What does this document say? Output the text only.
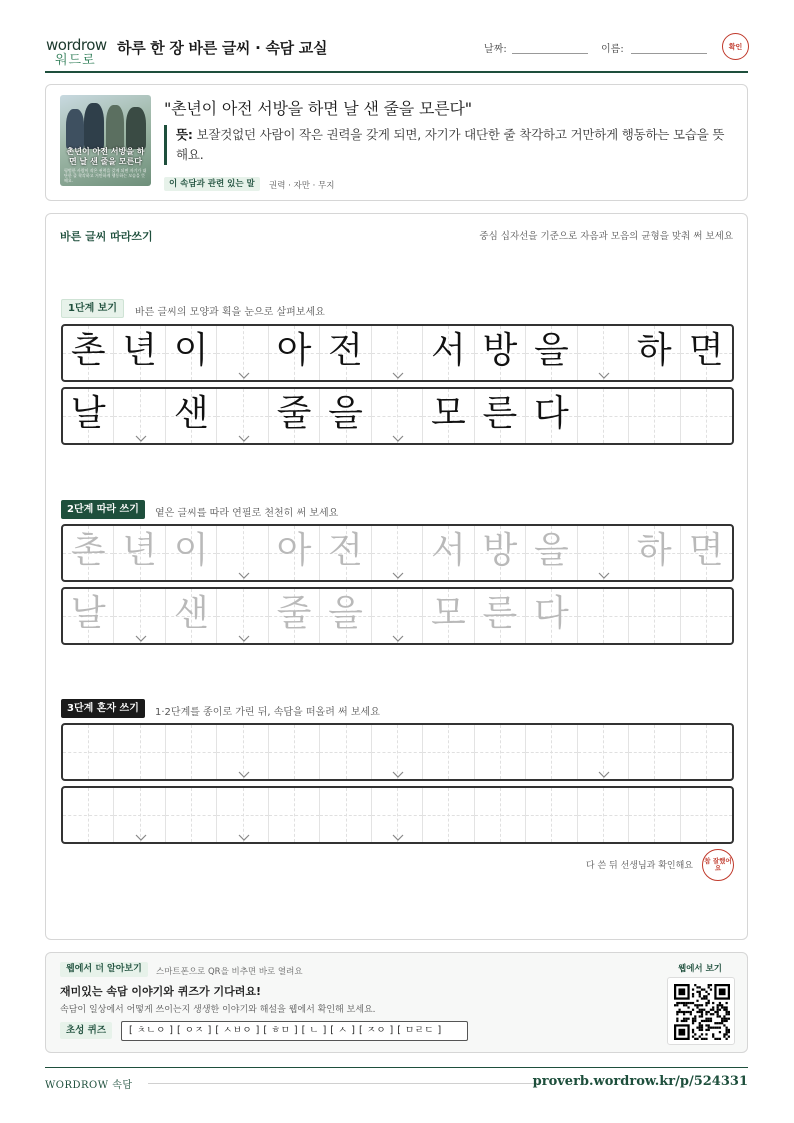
wordrow
워드로
하루 한 장 바른 글씨 · 속담 교실	날짜:	이름:	확인
촌년이 아전 서방을 하면 날 샌 줄을 모른다
평범한 사람이 작은 권력을 갖게 되면 자기가 대단한 줄 착각하고 거만하게 행동하는 모습을 뜻해요.
"촌년이 아전 서방을 하면 날 샌 줄을 모른다"
뜻: 보잘것없던 사람이 작은 권력을 갖게 되면, 자기가 대단한 줄 착각하고 거만하게 행동하는 모습을 뜻해요.
이 속담과 관련 있는 말	권력 · 자만 · 무지
바른 글씨 따라쓰기	중심 십자선을 기준으로 자음과 모음의 균형을 맞춰 써 보세요
1단계 보기	바른 글씨의 모양과 획을 눈으로 살펴보세요
촌 년 이 아 전 서 방 을 하 면
날 샌 줄 을 모 른 다
2단계 따라 쓰기	옅은 글씨를 따라 연필로 천천히 써 보세요
촌 년 이 아 전 서 방 을 하 면
날 샌 줄 을 모 른 다
3단계 혼자 쓰기	1·2단계를 종이로 가린 뒤, 속담을 떠올려 써 보세요
다 쓴 뒤 선생님과 확인해요 참 잘했어요
웹에서 더 알아보기	스마트폰으로 QR을 비추면 바로 열려요
재미있는 속담 이야기와 퀴즈가 기다려요!
속담이 일상에서 어떻게 쓰이는지 생생한 이야기와 해설을 웹에서 확인해 보세요.
초성 퀴즈	[ ㅊㄴㅇ ] [ ㅇㅈ ] [ ㅅㅂㅇ ] [ ㅎㅁ ] [ ㄴ ] [ ㅅ ] [ ㅈㅇ ] [ ㅁㄹㄷ ]
웹에서 보기
WORDROW 속담	proverb.wordrow.kr/p/524331
